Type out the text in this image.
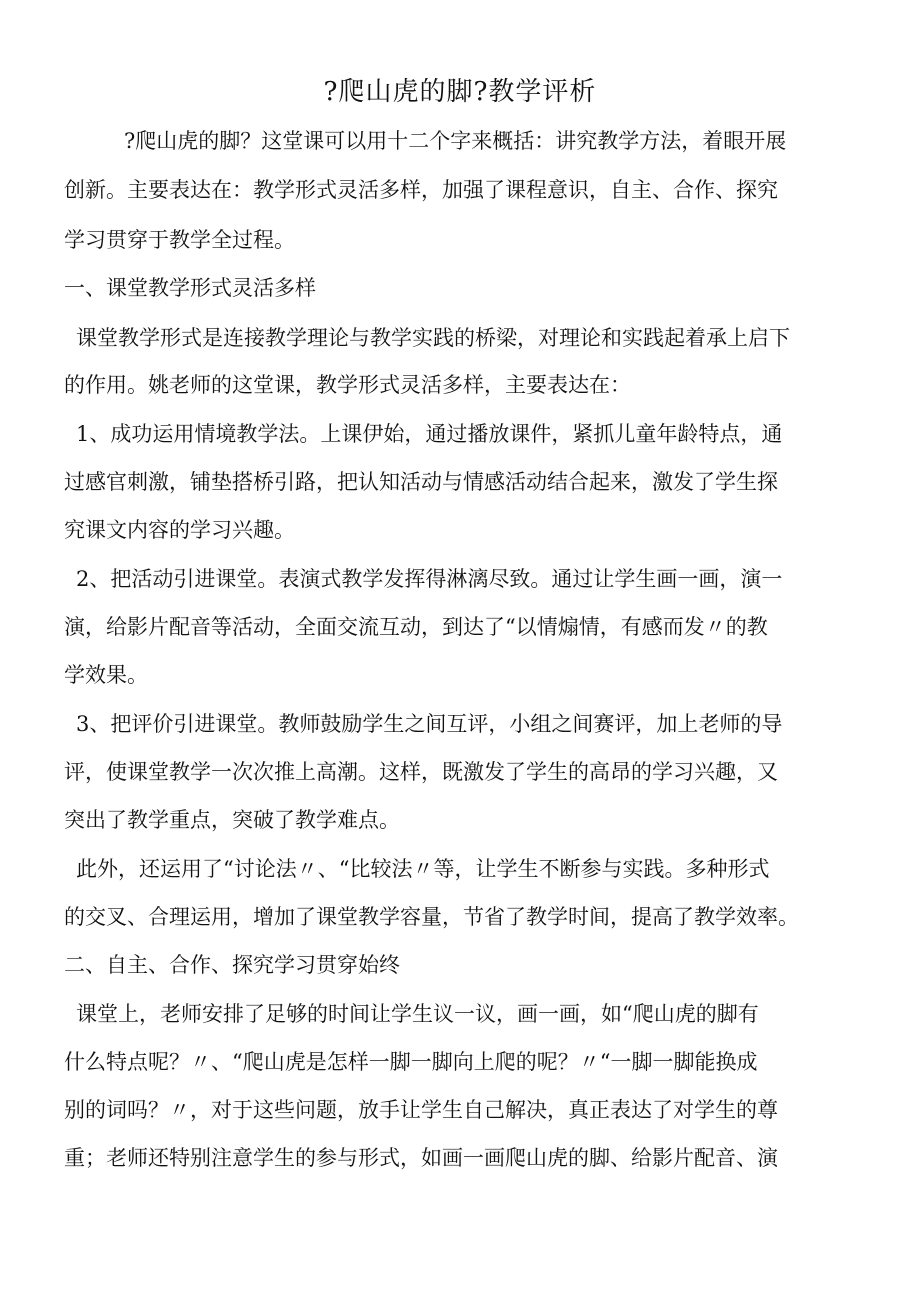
?爬山虎的脚?教学评析
?爬山虎的脚？这堂课可以用十二个字来概括：讲究教学方法，着眼开展
创新。主要表达在：教学形式灵活多样，加强了课程意识，自主、合作、探究
学习贯穿于教学全过程。
一、课堂教学形式灵活多样
课堂教学形式是连接教学理论与教学实践的桥梁，对理论和实践起着承上启下
的作用。姚老师的这堂课，教学形式灵活多样，主要表达在：
1、成功运用情境教学法。上课伊始，通过播放课件，紧抓儿童年龄特点，通
过感官刺激，铺垫搭桥引路，把认知活动与情感活动结合起来，激发了学生探
究课文内容的学习兴趣。
2、把活动引进课堂。表演式教学发挥得淋漓尽致。通过让学生画一画，演一
演，给影片配音等活动，全面交流互动，到达了“以情煽情，有感而发〃的教
学效果。
3、把评价引进课堂。教师鼓励学生之间互评，小组之间赛评，加上老师的导
评，使课堂教学一次次推上高潮。这样，既激发了学生的高昂的学习兴趣，又
突出了教学重点，突破了教学难点。
此外，还运用了“讨论法〃、“比较法〃等，让学生不断参与实践。多种形式
的交叉、合理运用，增加了课堂教学容量，节省了教学时间，提高了教学效率。
二、自主、合作、探究学习贯穿始终
课堂上，老师安排了足够的时间让学生议一议，画一画，如“爬山虎的脚有
什么特点呢？〃、“爬山虎是怎样一脚一脚向上爬的呢？〃“一脚一脚能换成
别的词吗？〃，对于这些问题，放手让学生自己解决，真正表达了对学生的尊
重；老师还特别注意学生的参与形式，如画一画爬山虎的脚、给影片配音、演
